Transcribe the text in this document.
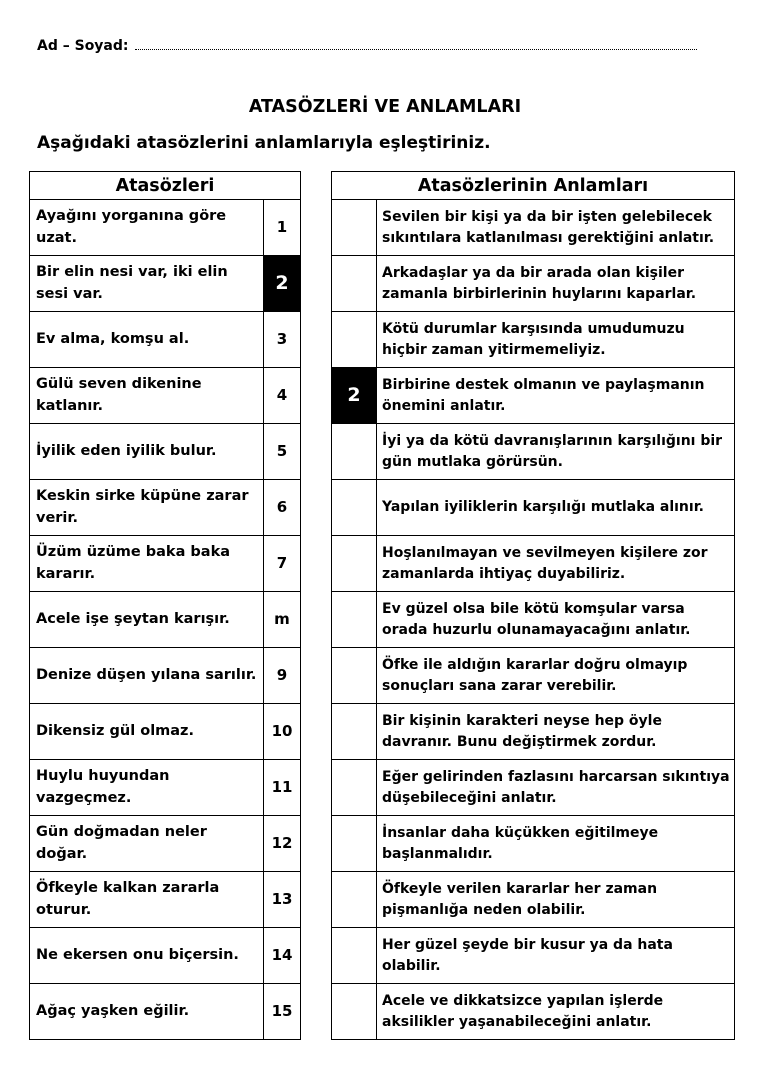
Ad – Soyad:
ATASÖZLERİ VE ANLAMLARI
Aşağıdaki atasözlerini anlamlarıyla eşleştiriniz.
Atasözleri	
Ayağını yorganına göre uzat.	1
Bir elin nesi var, iki elin sesi var.	2
Ev alma, komşu al.	3
Gülü seven dikenine katlanır.	4
İyilik eden iyilik bulur.	5
Keskin sirke küpüne zarar verir.	6
Üzüm üzüme baka baka kararır.	7
Acele işe şeytan karışır.	m
Denize düşen yılana sarılır.	9
Dikensiz gül olmaz.	10
Huylu huyundan vazgeçmez.	11
Gün doğmadan neler doğar.	12
Öfkeyle kalkan zararla oturur.	13
Ne ekersen onu biçersin.	14
Ağaç yaşken eğilir.	15
Atasözlerinin Anlamları	
	Sevilen bir kişi ya da bir işten gelebilecek sıkıntılara katlanılması gerektiğini anlatır.
	Arkadaşlar ya da bir arada olan kişiler zamanla birbirlerinin huylarını kaparlar.
	Kötü durumlar karşısında umudumuzu hiçbir zaman yitirmemeliyiz.
2	Birbirine destek olmanın ve paylaşmanın önemini anlatır.
	İyi ya da kötü davranışlarının karşılığını bir gün mutlaka görürsün.
	Yapılan iyiliklerin karşılığı mutlaka alınır.
	Hoşlanılmayan ve sevilmeyen kişilere zor zamanlarda ihtiyaç duyabiliriz.
	Ev güzel olsa bile kötü komşular varsa orada huzurlu olunamayacağını anlatır.
	Öfke ile aldığın kararlar doğru olmayıp sonuçları sana zarar verebilir.
	Bir kişinin karakteri neyse hep öyle davranır. Bunu değiştirmek zordur.
	Eğer gelirinden fazlasını harcarsan sıkıntıya düşebileceğini anlatır.
	İnsanlar daha küçükken eğitilmeye başlanmalıdır.
	Öfkeyle verilen kararlar her zaman pişmanlığa neden olabilir.
	Her güzel şeyde bir kusur ya da hata olabilir.
	Acele ve dikkatsizce yapılan işlerde aksilikler yaşanabileceğini anlatır.
